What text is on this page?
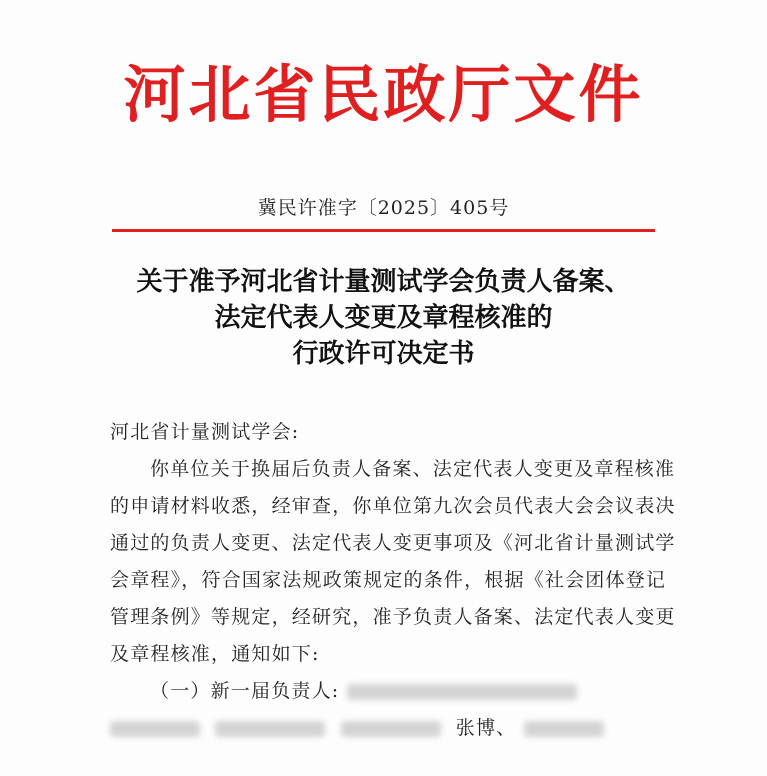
河北省民政厅文件
冀民许准字〔2025〕405号
关于准予河北省计量测试学会负责人备案、
法定代表人变更及章程核准的
行政许可决定书
河北省计量测试学会:
你单位关于换届后负责人备案、法定代表人变更及章程核准
的申请材料收悉，经审查，你单位第九次会员代表大会会议表决
通过的负责人变更、法定代表人变更事项及《河北省计量测试学
会章程》，符合国家法规政策规定的条件，根据《社会团体登记
管理条例》等规定，经研究，准予负责人备案、法定代表人变更
及章程核准，通知如下:
（一）新一届负责人:
张博、
